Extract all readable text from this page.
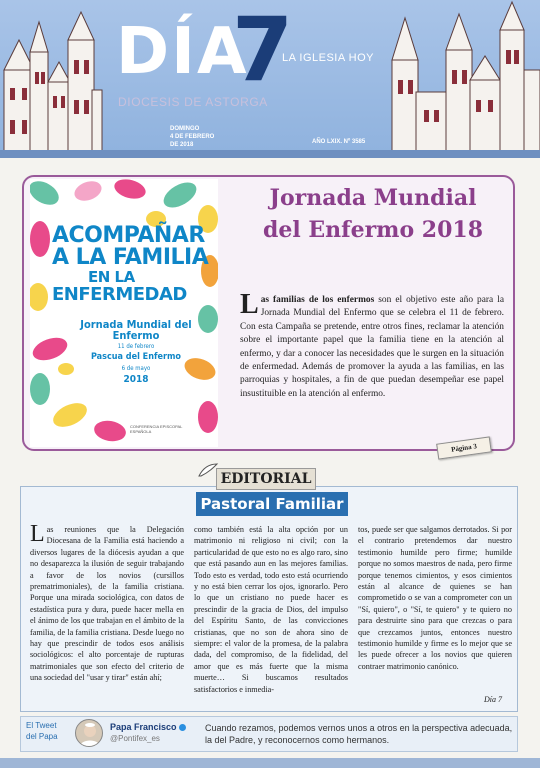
DÍA
7
LA IGLESIA HOY
DIOCESIS DE ASTORGA
DOMINGO
4 DE FEBRERO
DE 2018	AÑO LXIX. Nº 3585
ACOMPAÑAR
A LA FAMILIA
EN LA
ENFERMEDAD
Jornada Mundial del Enfermo
11 de febrero
Pascua del Enfermo
6 de mayo
2018
CONFERENCIA EPISCOPAL ESPAÑOLA
Jornada Mundial
del Enfermo 2018
Las familias de los enfermos son el objetivo este año para la Jornada Mundial del Enfermo que se celebra el 11 de febrero. Con esta Campaña se pretende, entre otros fines, reclamar la atención sobre el importante papel que la familia tiene en la atención al enfermo, y dar a conocer las necesidades que le surgen en la situación de enfermedad. Además de promover la ayuda a las familias, en las parroquias y hospitales, a fin de que puedan desempeñar ese papel insustituible en la atención al enfermo.
Página 3
EDITORIAL
Pastoral Familiar
Las reuniones que la Delegación Diocesana de la Familia está haciendo a diversos lugares de la diócesis ayudan a que no desaparezca la ilusión de seguir trabajando a favor de los novios (cursillos prematrimoniales), de la familia cristiana. Porque una mirada sociológica, con datos de estadística pura y dura, puede hacer mella en el ánimo de los que trabajan en el ámbito de la familia, de la familia cristiana. Desde luego no hay que prescindir de todos esos análisis sociológicos: el alto porcentaje de rupturas matrimoniales que son efecto del criterio de una sociedad del "usar y tirar" están ahí;
como también está la alta opción por un matrimonio ni religioso ni civil; con la particularidad de que esto no es algo raro, sino que está pasando aun en las mejores familias. Todo esto es verdad, todo esto está ocurriendo y no está bien cerrar los ojos, ignorarlo. Pero lo que un cristiano no puede hacer es prescindir de la gracia de Dios, del impulso del Espíritu Santo, de las convicciones cristianas, que no son de ahora sino de siempre: el valor de la promesa, de la palabra dada, del compromiso, de la fidelidad, del amor que es más fuerte que la misma muerte… Si buscamos resultados satisfactorios e inmedia-
tos, puede ser que salgamos derrotados. Si por el contrario pretendemos dar nuestro testimonio humilde pero firme; humilde porque no somos maestros de nada, pero firme porque tenemos cimientos, y esos cimientos están al alcance de quienes se han comprometido o se van a comprometer con un "Sí, quiero", o "Sí, te quiero" y te quiero no para destruirte sino para que crezcas o para que crezcamos juntos, entonces nuestro testimonio humilde y firme es lo mejor que se les puede ofrecer a los novios que quieren contraer matrimonio canónico.
Día 7
El Tweet
del Papa
Papa Francisco
@Pontifex_es
Cuando rezamos, podemos vernos unos a otros en la perspectiva adecuada, la del Padre, y reconocernos como hermanos.
